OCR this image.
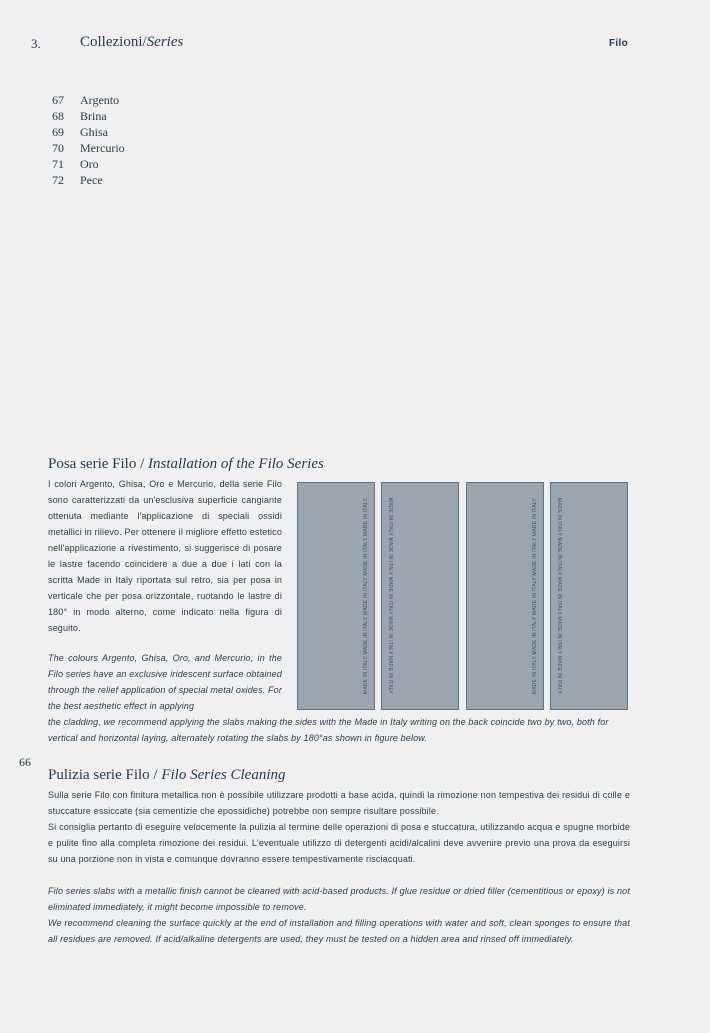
3.	Collezioni/Series	Filo
67 Argento
68 Brina
69 Ghisa
70 Mercurio
71 Oro
72 Pece
Posa serie Filo / Installation of the Filo Series
I colori Argento, Ghisa, Oro e Mercurio, della serie Filo sono caratterizzati da un'esclusiva superficie cangiante ottenuta mediante l'applicazione di speciali ossidi metallici in rilievo. Per ottenere il migliore effetto estetico nell'applicazione a rivestimento, si suggerisce di posare le lastre facendo coincidere a due a due i lati con la scritta Made in Italy riportata sul retro, sia per posa in verticale che per posa orizzontale, ruotando le lastre di 180° in modo alterno, come indicato nella figura di seguito.
The colours Argento, Ghisa, Oro, and Mercurio, in the Filo series have an exclusive iridescent surface obtained through the relief application of special metal oxides. For the best aesthetic effect in applying
the cladding, we recommend applying the slabs making the sides with the Made in Italy writing on the back coincide two by two, both for vertical and horizontal laying, alternately rotating the slabs by 180°as shown in figure below.
MADE IN ITALY MADE IN ITALY MADE IN ITALY MADE IN ITALY MADE IN ITALY	MADE IN ITALY MADE IN ITALY MADE IN ITALY MADE IN ITALY MADE IN ITALY	MADE IN ITALY MADE IN ITALY MADE IN ITALY MADE IN ITALY MADE IN ITALY	MADE IN ITALY MADE IN ITALY MADE IN ITALY MADE IN ITALY MADE IN ITALY
66
Pulizia serie Filo / Filo Series Cleaning

Sulla serie Filo con finitura metallica non è possibile utilizzare prodotti a base acida, quindi la rimozione non tempestiva dei residui di colle e stuccature essiccate (sia cementizie che epossidiche) potrebbe non sempre risultare possibile.

Si consiglia pertanto di eseguire velocemente la pulizia al termine delle operazioni di posa e stuccatura, utilizzando acqua e spugne morbide e pulite fino alla completa rimozione dei residui. L'eventuale utilizzo di detergenti acidi/alcalini deve avvenire previo una prova da eseguirsi su una porzione non in vista e comunque dovranno essere tempestivamente risciacquati.

Filo series slabs with a metallic finish cannot be cleaned with acid-based products. If glue residue or dried filler (cementitious or epoxy) is not eliminated immediately, it might become impossible to remove.

We recommend cleaning the surface quickly at the end of installation and filling operations with water and soft, clean sponges to ensure that all residues are removed. If acid/alkaline detergents are used, they must be tested on a hidden area and rinsed off immediately.
